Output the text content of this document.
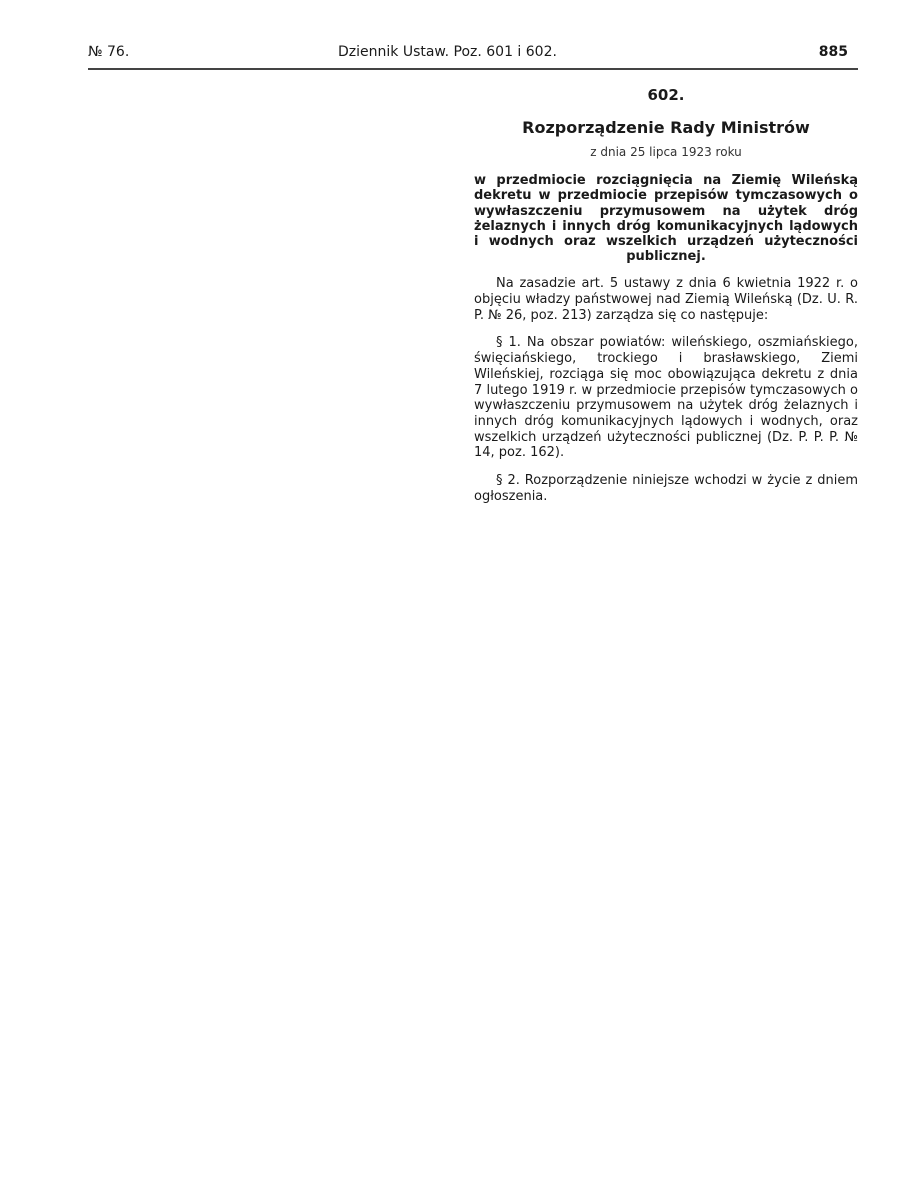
№ 76.	Dziennik Ustaw. Poz. 601 i 602.	885
602.
Rozporządzenie Rady Ministrów
z dnia 25 lipca 1923 roku
w przedmiocie rozciągnięcia na Ziemię Wileńską dekretu w przedmiocie przepisów tymczasowych o wywłaszczeniu przymusowem na użytek dróg żelaznych i innych dróg komunikacyjnych lądowych i wodnych oraz wszelkich urządzeń użyteczności publicznej.
Na zasadzie art. 5 ustawy z dnia 6 kwietnia 1922 r. o objęciu władzy państwowej nad Ziemią Wileńską (Dz. U. R. P. № 26, poz. 213) zarządza się co następuje:
§ 1. Na obszar powiatów: wileńskiego, oszmiańskiego, święciańskiego, trockiego i brasławskiego, Ziemi Wileńskiej, rozciąga się moc obowiązująca dekretu z dnia 7 lutego 1919 r. w przedmiocie przepisów tymczasowych o wywłaszczeniu przymusowem na użytek dróg żelaznych i innych dróg komunikacyjnych lądowych i wodnych, oraz wszelkich urządzeń użyteczności publicznej (Dz. P. P. P. № 14, poz. 162).
§ 2. Rozporządzenie niniejsze wchodzi w życie z dniem ogłoszenia.
